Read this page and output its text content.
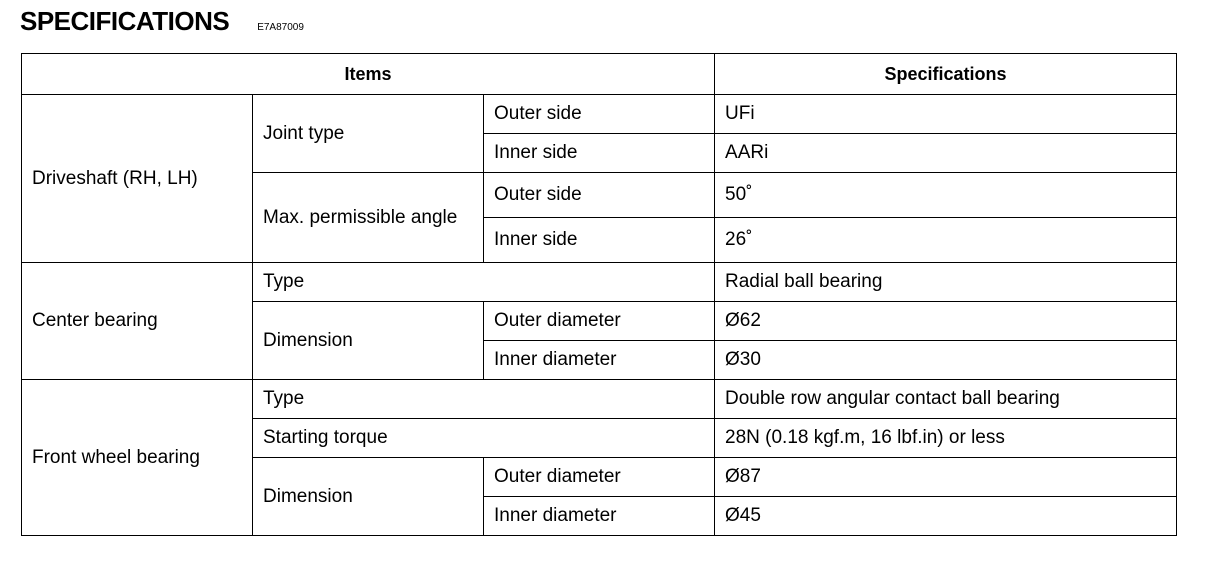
SPECIFICATIONS	E7A87009
Items			Specifications
Driveshaft (RH, LH)	Joint type	Outer side	UFi
		Inner side	AARi
	Max. permissible angle	Outer side	50˚
		Inner side	26˚
Center bearing	Type		Radial ball bearing
	Dimension	Outer diameter	Ø62
		Inner diameter	Ø30
Front wheel bearing	Type		Double row angular contact ball bearing
	Starting torque		28N (0.18 kgf.m, 16 lbf.in) or less
	Dimension	Outer diameter	Ø87
		Inner diameter	Ø45
